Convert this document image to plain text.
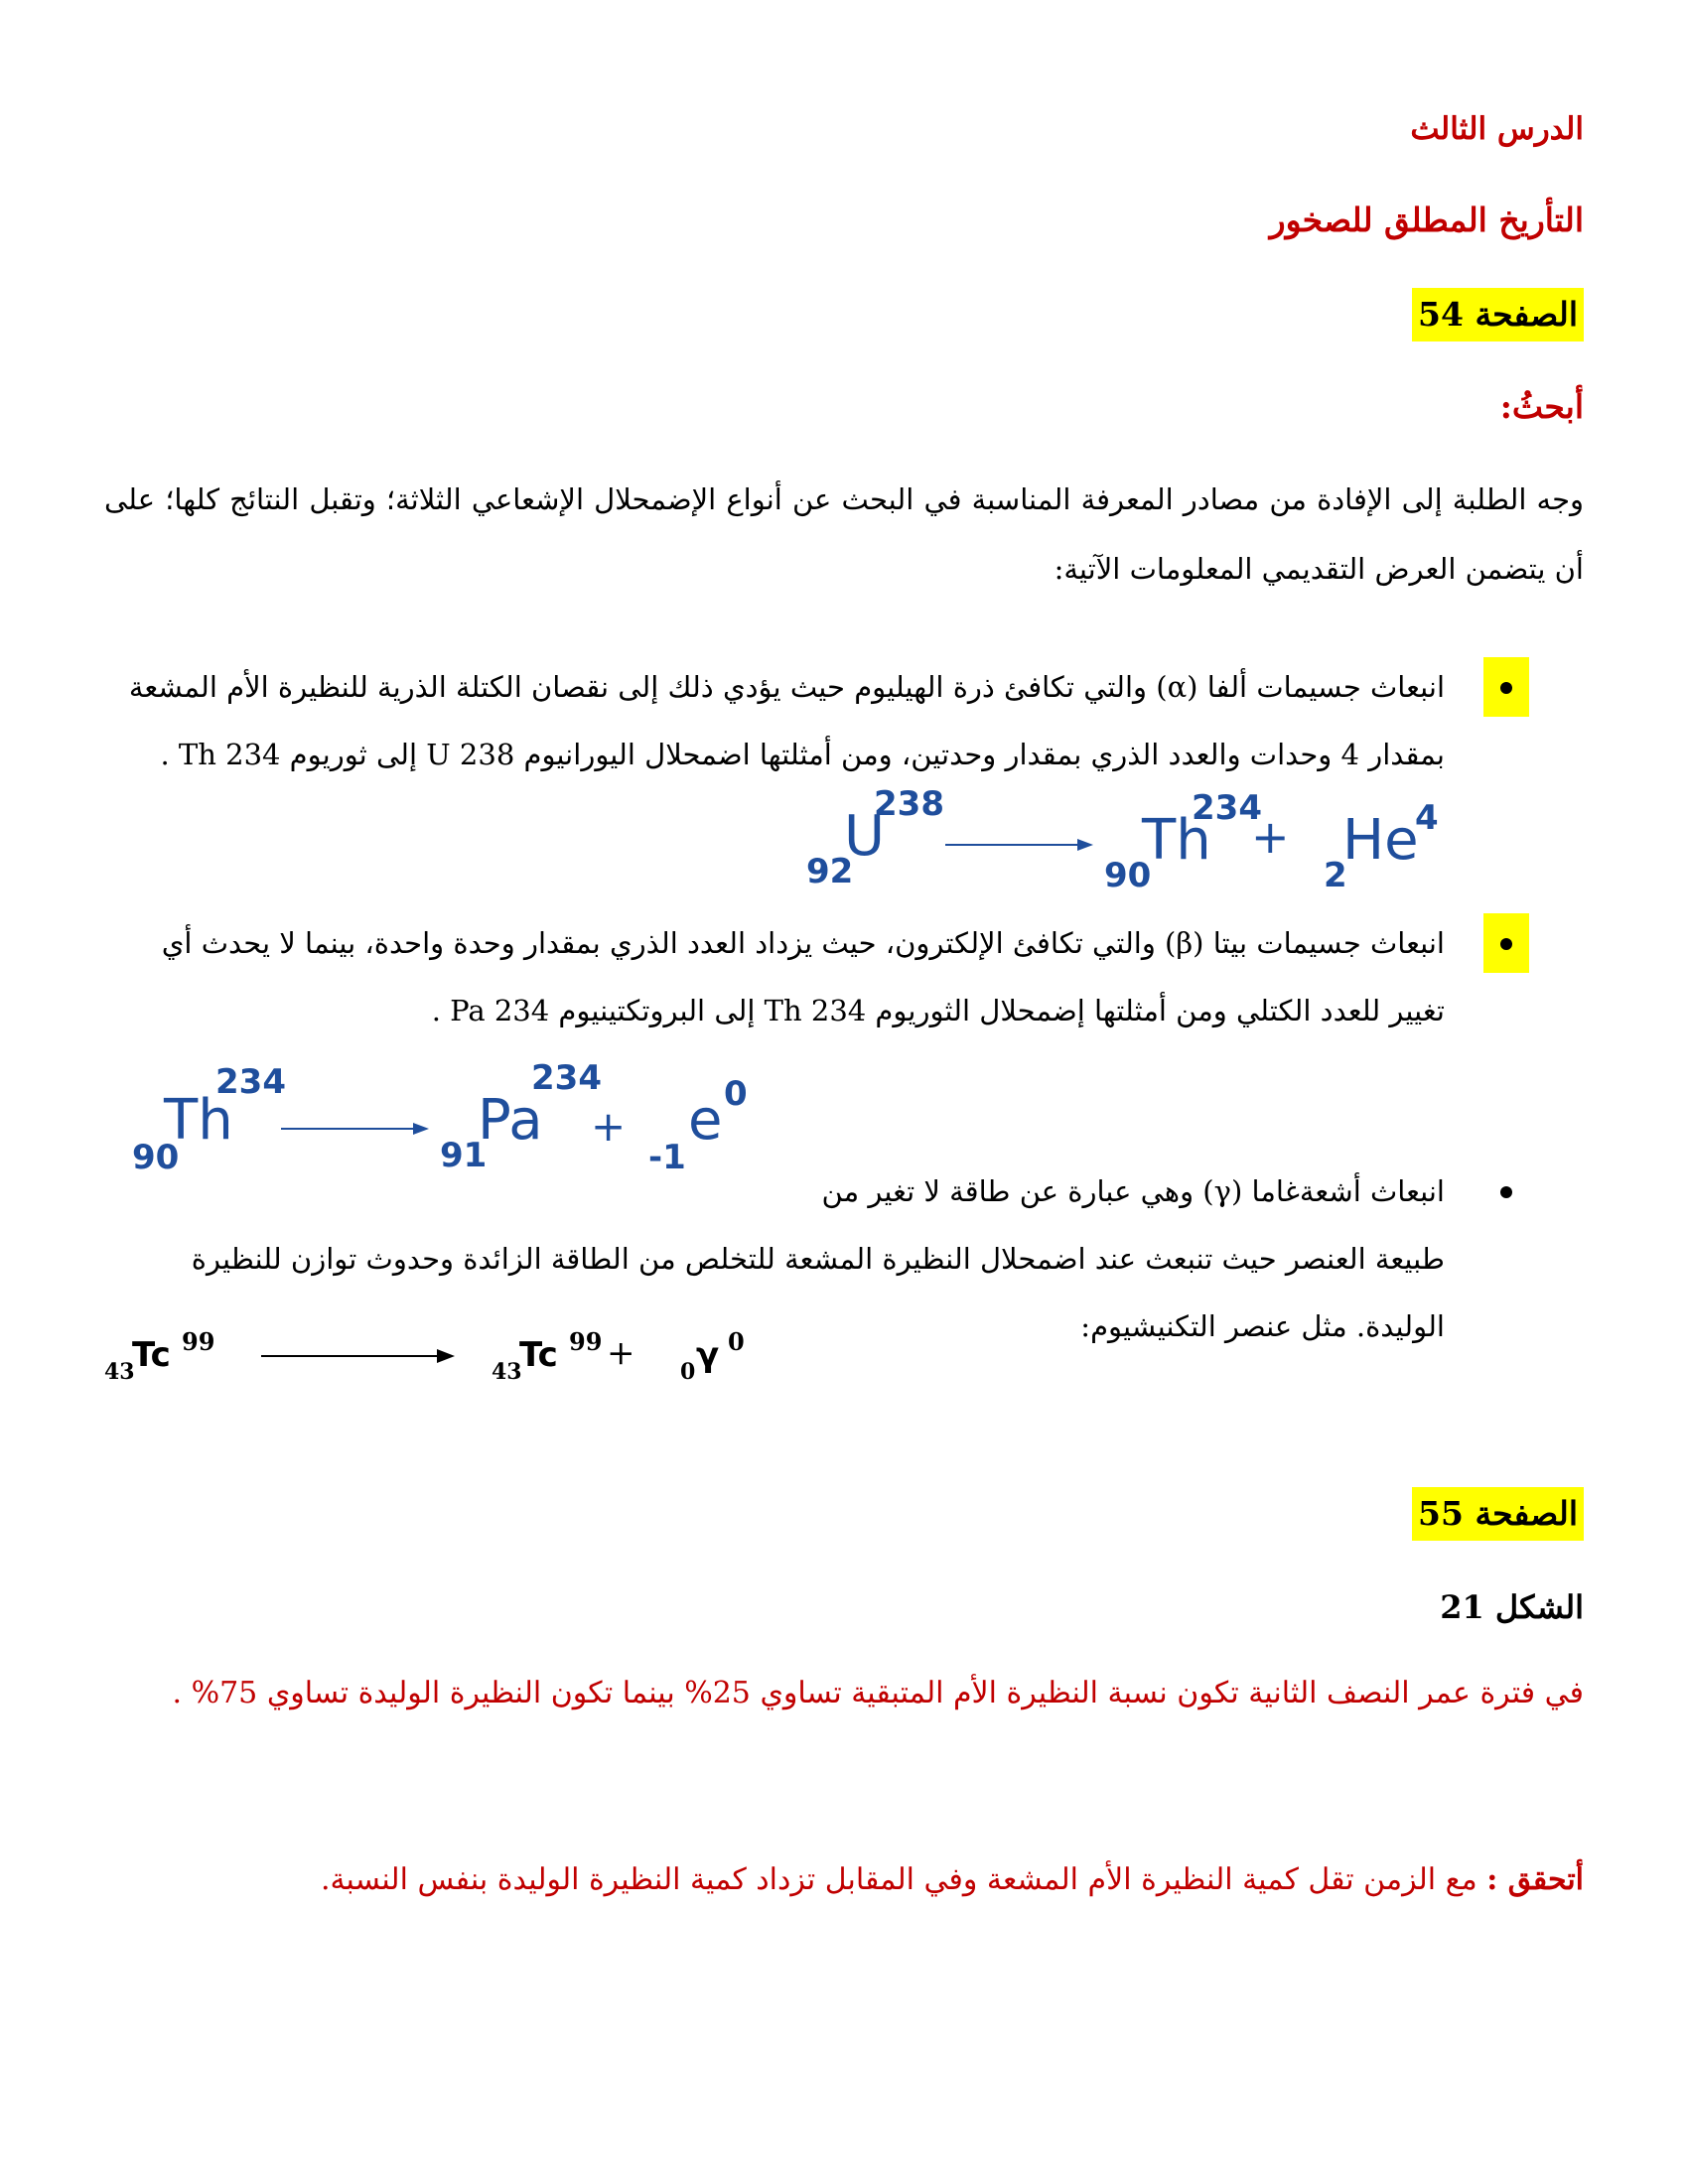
الدرس الثالث
التأريخ المطلق للصخور
الصفحة 54
أبحثُ:
وجه الطلبة إلى الإفادة من مصادر المعرفة المناسبة في البحث عن أنواع الإضمحلال الإشعاعي الثلاثة؛ وتقبل النتائج كلها؛ على أن يتضمن العرض التقديمي المعلومات الآتية:
انبعاث جسيمات ألفا (α) والتي تكافئ ذرة الهيليوم حيث يؤدي ذلك إلى نقصان الكتلة الذرية للنظيرة الأم المشعة
بمقدار 4 وحدات والعدد الذري بمقدار وحدتين، ومن أمثلتها اضمحلال اليورانيوم U 238 إلى ثوريوم Th 234 .
92
U
238
90
Th
234
+
2
He
4
انبعاث جسيمات بيتا (β) والتي تكافئ الإلكترون، حيث يزداد العدد الذري بمقدار وحدة واحدة، بينما لا يحدث أي
تغيير للعدد الكتلي ومن أمثلتها إضمحلال الثوريوم Th 234 إلى البروتكتينيوم Pa 234 .
90
Th
234
91
Pa
234
+
-1
e 0
انبعاث أشعةغاما (γ) وهي عبارة عن طاقة لا تغير من
طبيعة العنصر حيث تنبعث عند اضمحلال النظيرة المشعة للتخلص من الطاقة الزائدة وحدوث توازن للنظيرة
الوليدة. مثل عنصر التكنيشيوم:
43
Tc 99
43
Tc 99 + 0 γ 0
الصفحة 55
الشكل 21
في فترة عمر النصف الثانية تكون نسبة النظيرة الأم المتبقية تساوي 25% بينما تكون النظيرة الوليدة تساوي 75% .
أتحقق : مع الزمن تقل كمية النظيرة الأم المشعة وفي المقابل تزداد كمية النظيرة الوليدة بنفس النسبة.
